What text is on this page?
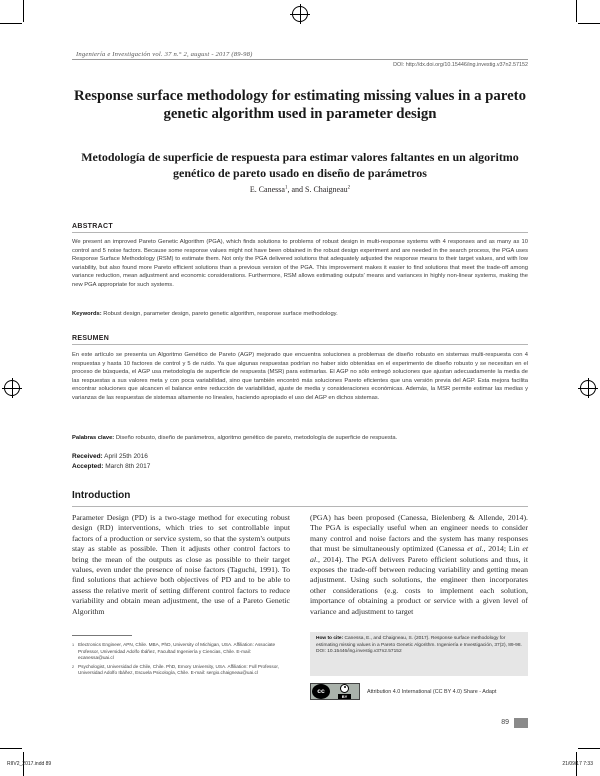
Ingeniería e Investigación vol. 37 n.° 2, august - 2017 (89-98)
DOI: http://dx.doi.org/10.15446/ing.investig.v37n2.57152
Response surface methodology for estimating missing values in a pareto genetic algorithm used in parameter design
Metodología de superficie de respuesta para estimar valores faltantes en un algoritmo genético de pareto usado en diseño de parámetros
E. Canessa$^1$, and S. Chaigneau$^2$
ABSTRACT
We present an improved Pareto Genetic Algorithm (PGA), which finds solutions to problems of robust design in multi-response systems with 4 responses and as many as 10 control and 5 noise factors. Because some response values might not have been obtained in the robust design experiment and are needed in the search process, the PGA uses Response Surface Methodology (RSM) to estimate them. Not only the PGA delivered solutions that adequately adjusted the response means to their target values, and with low variability, but also found more Pareto efficient solutions than a previous version of the PGA. This improvement makes it easier to find solutions that meet the trade-off among variance reduction, mean adjustment and economic considerations. Furthermore, RSM allows estimating outputs' means and variances in highly non-linear systems, making the new PGA appropriate for such systems.
Keywords: Robust design, parameter design, pareto genetic algorithm, response surface methodology.
RESUMEN
En este artículo se presenta un Algoritmo Genético de Pareto (AGP) mejorado que encuentra soluciones a problemas de diseño robusto en sistemas multi-respuesta con 4 respuestas y hasta 10 factores de control y 5 de ruido. Ya que algunas respuestas podrían no haber sido obtenidas en el experimento de diseño robusto y se necesitan en el proceso de búsqueda, el AGP usa metodología de superficie de respuesta (MSR) para estimarlas. El AGP no sólo entregó soluciones que ajustan adecuadamente la media de las respuestas a sus valores meta y con poca variabilidad, sino que también encontró más soluciones Pareto eficientes que una versión previa del AGP. Esta mejora facilita encontrar soluciones que alcancen el balance entre reducción de variabilidad, ajuste de media y consideraciones económicas. Además, la MSR permite estimar las medias y varianzas de las respuestas de sistemas altamente no lineales, haciendo apropiado el uso del AGP en dichos sistemas.
Palabras clave: Diseño robusto, diseño de parámetros, algoritmo genético de pareto, metodología de superficie de respuesta.
Received: April 25th 2016
Accepted: March 8th 2017
Introduction
Parameter Design (PD) is a two-stage method for executing robust design (RD) interventions, which tries to set controllable input factors of a production or service system, so that the system's outputs stay as stable as possible. Then it adjusts other control factors to bring the mean of the outputs as close as possible to their target values, even under the presence of noise factors (Taguchi, 1991). To find solutions that achieve both objectives of PD and to be able to assess the relative merit of setting different control factors to reduce variability and obtain mean adjustment, the use of a Pareto Genetic Algorithm
(PGA) has been proposed (Canessa, Bielenberg & Allende, 2014). The PGA is especially useful when an engineer needs to consider many control and noise factors and the system has many responses that must be simultaneously optimized (Canessa et al., 2014; Lin et al., 2014). The PGA delivers Pareto efficient solutions and thus, it exposes the trade-off between reducing variability and getting mean adjustment. Using such solutions, the engineer then incorporates other considerations (e.g. costs to implement each solution, importance of obtaining a product or service with a given level of variance and adjustment to target
1 Electronics Engineer, APN, Chile. MBA, PhD, University of Michigan, USA. Affiliation: Associate Professor, Universidad Adolfo Ibáñez, Facultad Ingeniería y Ciencias, Chile. E-mail: ecanessa@uai.cl
2 Psychologist, Universidad de Chile, Chile. PhD, Emory University, USA. Affiliation: Full Professor, Universidad Adolfo Ibáñez, Escuela Psicología, Chile. E-mail: sergio.chaigneau@uai.cl
How to cite: Canessa, E., and Chaigneau, S. (2017). Response surface methodology for estimating missing values in a Pareto Genetic Algorithm. Ingeniería e Investigación, 37(2), 89-98.
DOI: 10.15446/ing.investig.v37n2.57152
cc
BY
Attribution 4.0 International (CC BY 4.0) Share - Adapt
89
RIIV2_2017.indd 89	21/09/17 7:33
